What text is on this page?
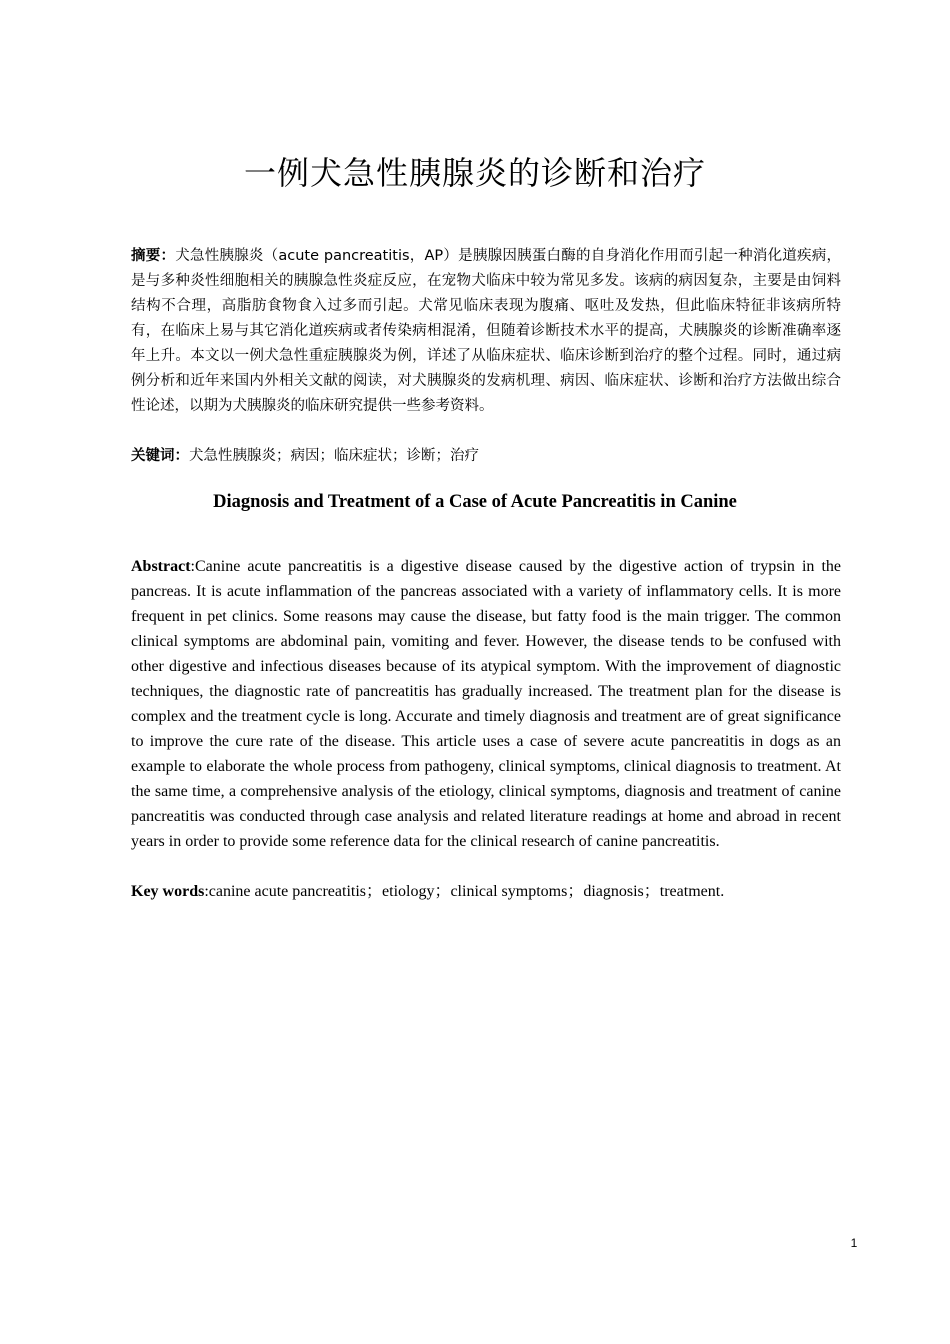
一例犬急性胰腺炎的诊断和治疗

摘要：犬急性胰腺炎（acute pancreatitis，AP）是胰腺因胰蛋白酶的自身消化作用而引起一种消化道疾病，是与多种炎性细胞相关的胰腺急性炎症反应，在宠物犬临床中较为常见多发。该病的病因复杂，主要是由饲料结构不合理，高脂肪食物食入过多而引起。犬常见临床表现为腹痛、呕吐及发热，但此临床特征非该病所特有，在临床上易与其它消化道疾病或者传染病相混淆，但随着诊断技术水平的提高，犬胰腺炎的诊断准确率逐年上升。本文以一例犬急性重症胰腺炎为例，详述了从临床症状、临床诊断到治疗的整个过程。同时，通过病例分析和近年来国内外相关文献的阅读，对犬胰腺炎的发病机理、病因、临床症状、诊断和治疗方法做出综合性论述，以期为犬胰腺炎的临床研究提供一些参考资料。

关键词：犬急性胰腺炎；病因；临床症状；诊断；治疗

Diagnosis and Treatment of a Case of Acute Pancreatitis in Canine

Abstract:Canine acute pancreatitis is a digestive disease caused by the digestive action of trypsin in the pancreas. It is acute inflammation of the pancreas associated with a variety of inflammatory cells. It is more frequent in pet clinics. Some reasons may cause the disease, but fatty food is the main trigger. The common clinical symptoms are abdominal pain, vomiting and fever. However, the disease tends to be confused with other digestive and infectious diseases because of its atypical symptom. With the improvement of diagnostic techniques, the diagnostic rate of pancreatitis has gradually increased. The treatment plan for the disease is complex and the treatment cycle is long. Accurate and timely diagnosis and treatment are of great significance to improve the cure rate of the disease. This article uses a case of severe acute pancreatitis in dogs as an example to elaborate the whole process from pathogeny, clinical symptoms, clinical diagnosis to treatment. At the same time, a comprehensive analysis of the etiology, clinical symptoms, diagnosis and treatment of canine pancreatitis was conducted through case analysis and related literature readings at home and abroad in recent years in order to provide some reference data for the clinical research of canine pancreatitis.

Key words:canine acute pancreatitis；etiology；clinical symptoms；diagnosis；treatment.

1
